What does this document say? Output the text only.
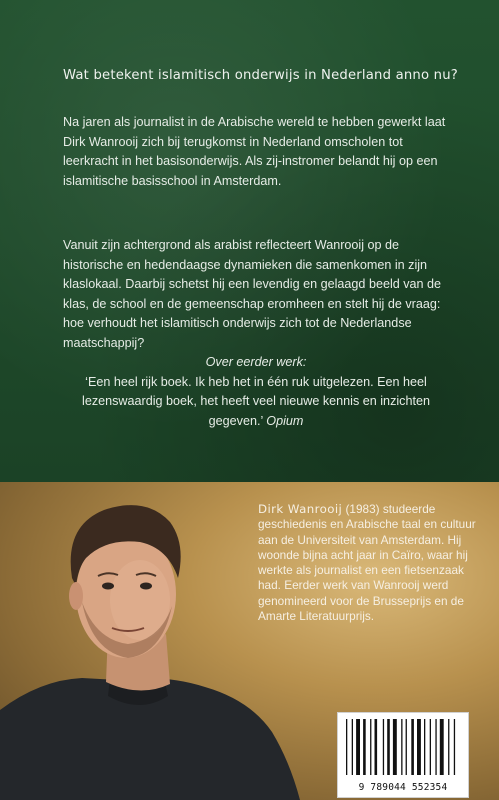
Wat betekent islamitisch onderwijs in Nederland anno nu?

Na jaren als journalist in de Arabische wereld te hebben gewerkt laat Dirk Wanrooij zich bij terugkomst in Nederland omscholen tot leerkracht in het basisonderwijs. Als zij-instromer belandt hij op een islamitische basisschool in Amsterdam.

Vanuit zijn achtergrond als arabist reflecteert Wanrooij op de historische en hedendaagse dynamieken die samenkomen in zijn klaslokaal. Daarbij schetst hij een levendig en gelaagd beeld van de klas, de school en de gemeenschap eromheen en stelt hij de vraag: hoe verhoudt het islamitisch onderwijs zich tot de Nederlandse maatschappij?

Over eerder werk:
‘Een heel rijk boek. Ik heb het in één ruk uitgelezen. Een heel lezenswaardig boek, het heeft veel nieuwe kennis en inzichten gegeven.’ Opium

Dirk Wanrooij (1983) studeerde geschiedenis en Arabische taal en cultuur aan de Universiteit van Amsterdam. Hij woonde bijna acht jaar in Caïro, waar hij werkte als journalist en een fietsenzaak had. Eerder werk van Wanrooij werd genomineerd voor de Brusseprijs en de Amarte Literatuurprijs.

9 789044 552354
